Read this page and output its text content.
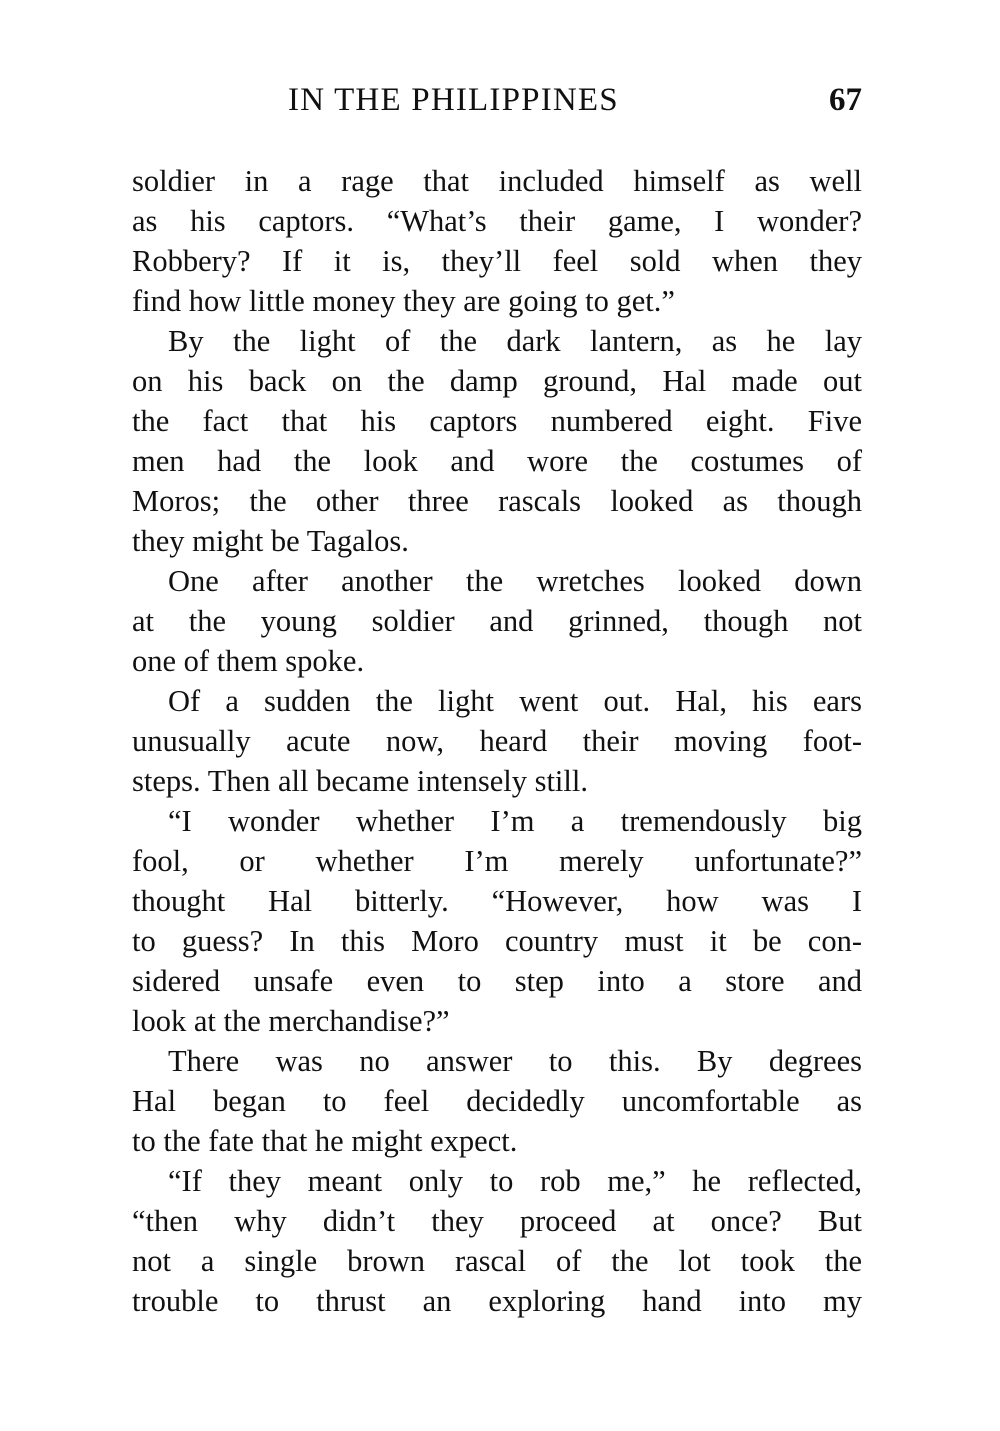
IN THE PHILIPPINES	67
soldier in a rage that included himself as well
as his captors. “What’s their game, I wonder?
Robbery? If it is, they’ll feel sold when they
find how little money they are going to get.”
By the light of the dark lantern, as he lay
on his back on the damp ground, Hal made out
the fact that his captors numbered eight. Five
men had the look and wore the costumes of
Moros; the other three rascals looked as though
they might be Tagalos.
One after another the wretches looked down
at the young soldier and grinned, though not
one of them spoke.
Of a sudden the light went out. Hal, his ears
unusually acute now, heard their moving foot-
steps. Then all became intensely still.
“I wonder whether I’m a tremendously big
fool, or whether I’m merely unfortunate?”
thought Hal bitterly. “However, how was I
to guess? In this Moro country must it be con-
sidered unsafe even to step into a store and
look at the merchandise?”
There was no answer to this. By degrees
Hal began to feel decidedly uncomfortable as
to the fate that he might expect.
“If they meant only to rob me,” he reflected,
“then why didn’t they proceed at once? But
not a single brown rascal of the lot took the
trouble to thrust an exploring hand into my
